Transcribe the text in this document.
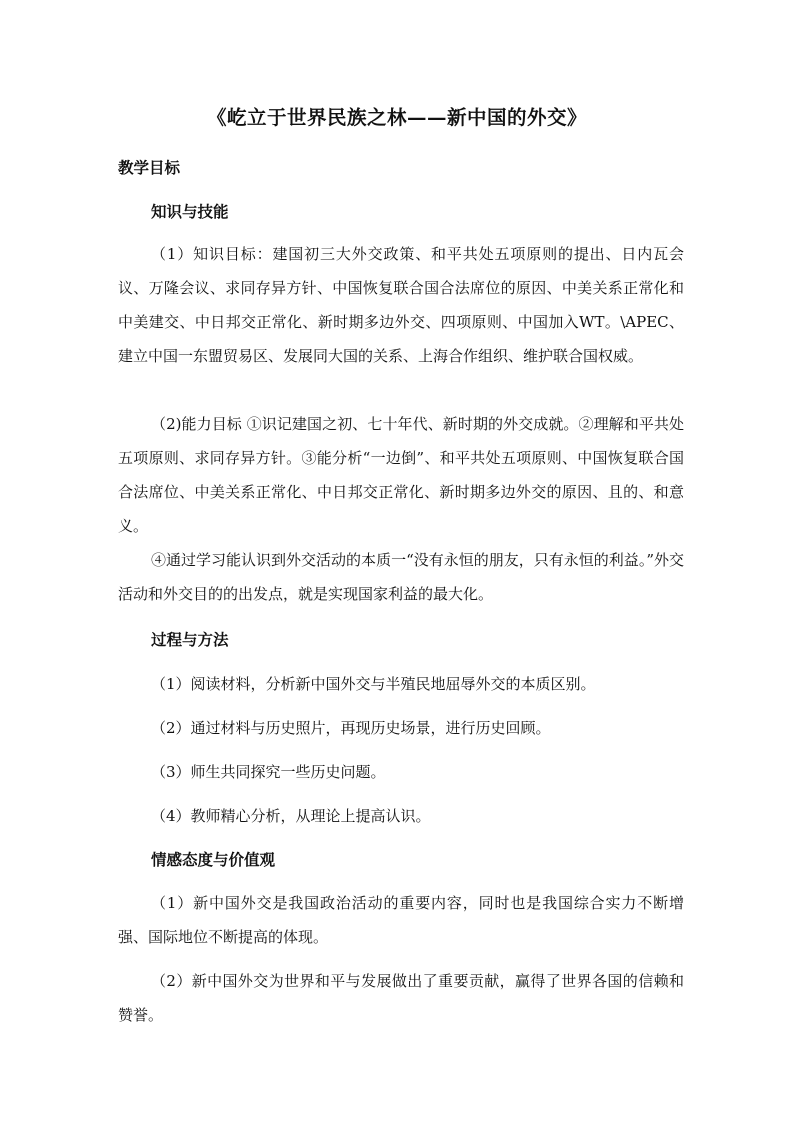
《屹立于世界民族之林——新中国的外交》
教学目标
知识与技能

（1）知识目标：建国初三大外交政策、和平共处五项原则的提出、日内瓦会议、万隆会议、求同存异方针、中国恢复联合国合法席位的原因、中美关系正常化和中美建交、中日邦交正常化、新时期多边外交、四项原则、中国加入WT。\APEC、建立中国一东盟贸易区、发展同大国的关系、上海合作组织、维护联合国权威。

（2)能力目标 ①识记建国之初、七十年代、新时期的外交成就。②理解和平共处五项原则、求同存异方针。③能分析“一边倒”、和平共处五项原则、中国恢复联合国合法席位、中美关系正常化、中日邦交正常化、新时期多边外交的原因、且的、和意义。

④通过学习能认识到外交活动的本质一“没有永恒的朋友，只有永恒的利益。”外交活动和外交目的的出发点，就是实现国家利益的最大化。

过程与方法
（1）阅读材料，分析新中国外交与半殖民地屈辱外交的本质区别。
（2）通过材料与历史照片，再现历史场景，进行历史回顾。
（3）师生共同探究一些历史问题。
（4）教师精心分析，从理论上提高认识。
情感态度与价值观

（1）新中国外交是我国政治活动的重要内容，同时也是我国综合实力不断增强、国际地位不断提高的体现。

（2）新中国外交为世界和平与发展做出了重要贡献，赢得了世界各国的信赖和赞誉。
